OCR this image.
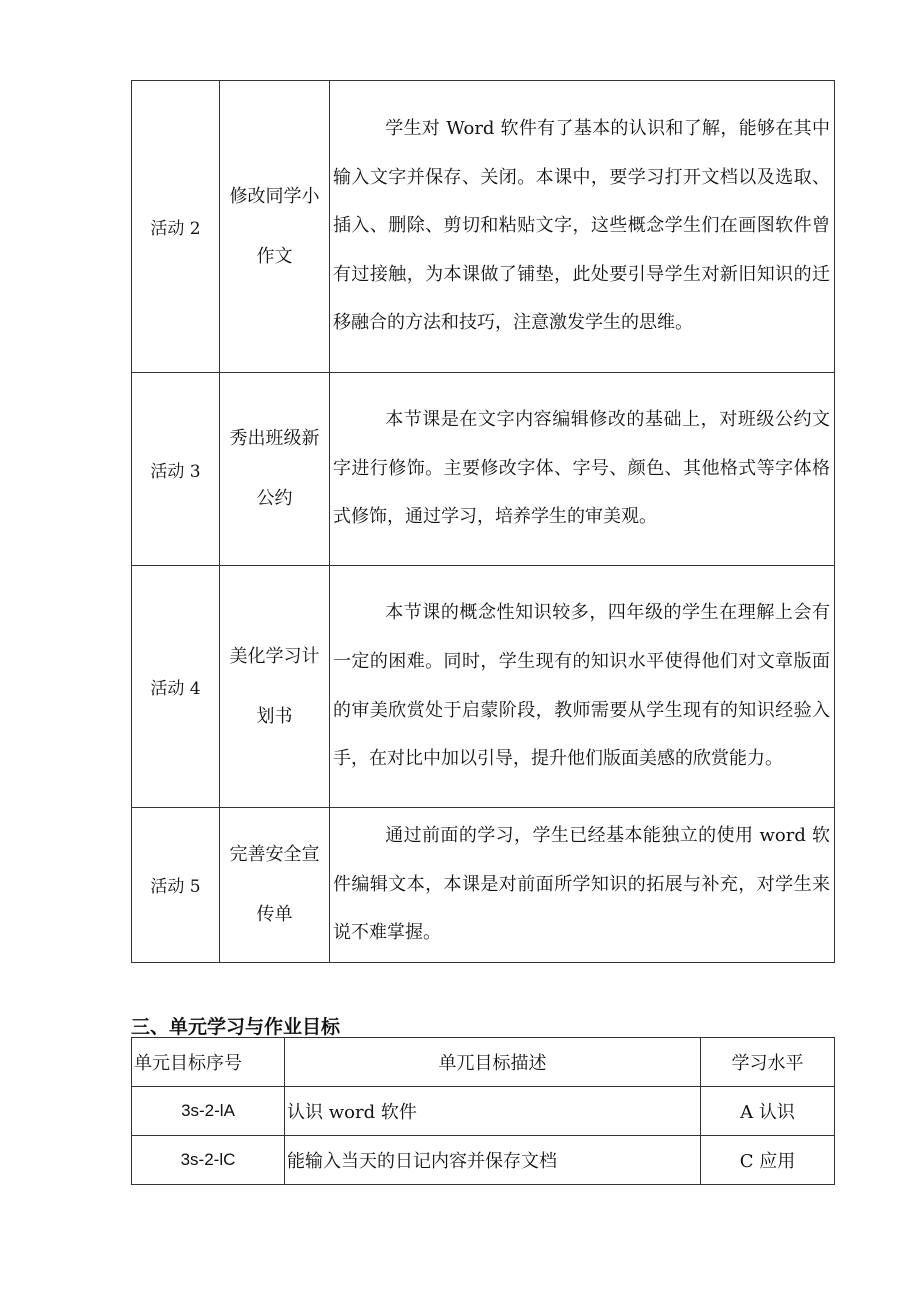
活动 2	修改同学小作文	学生对 Word 软件有了基本的认识和了解，能够在其中输入文字并保存、关闭。本课中，要学习打开文档以及选取、插入、删除、剪切和粘贴文字，这些概念学生们在画图软件曾有过接触，为本课做了铺垫，此处要引导学生对新旧知识的迁移融合的方法和技巧，注意激发学生的思维。

活动 3	秀出班级新公约	本节课是在文字内容编辑修改的基础上，对班级公约文字进行修饰。主要修改字体、字号、颜色、其他格式等字体格式修饰，通过学习，培养学生的审美观。

活动 4	美化学习计划书	本节课的概念性知识较多，四年级的学生在理解上会有一定的困难。同时，学生现有的知识水平使得他们对文章版面的审美欣赏处于启蒙阶段，教师需要从学生现有的知识经验入手，在对比中加以引导，提升他们版面美感的欣赏能力。

活动 5	完善安全宣传单	通过前面的学习，学生已经基本能独立的使用 word 软件编辑文本，本课是对前面所学知识的拓展与补充，对学生来说不难掌握。
三、单元学习与作业目标
单元目标序号	单兀目标描述	学习水平
3s-2-lA	认识 word 软件	A 认识
3s-2-lC	能输入当天的日记内容并保存文档	C 应用
